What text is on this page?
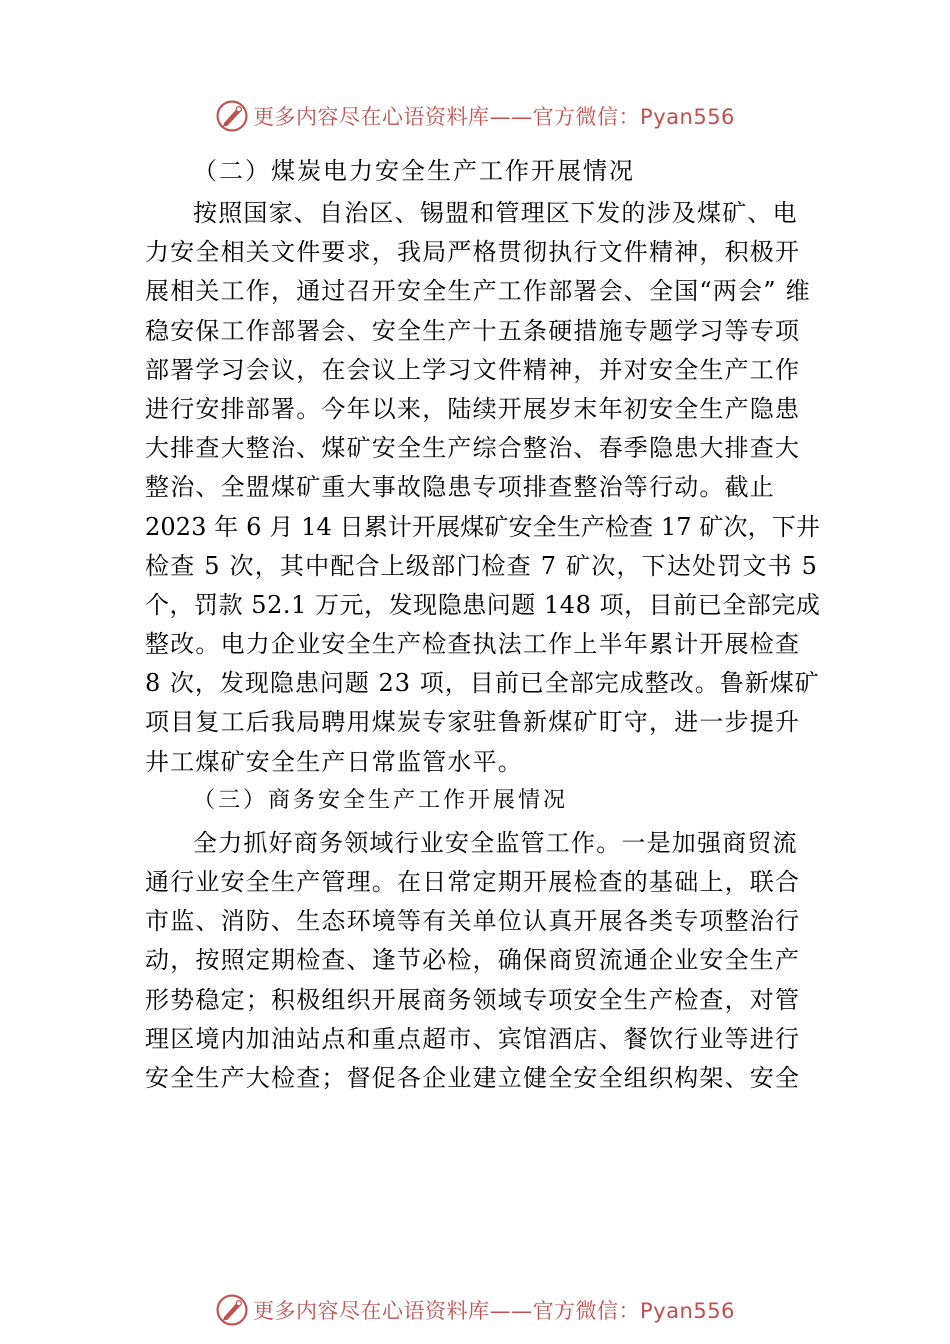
更多内容尽在心语资料库——官方微信：Pyan556

（二）煤炭电力安全生产工作开展情况

按照国家、自治区、锡盟和管理区下发的涉及煤矿、电
力安全相关文件要求，我局严格贯彻执行文件精神，积极开
展相关工作，通过召开安全生产工作部署会、全国“两会” 维
稳安保工作部署会、安全生产十五条硬措施专题学习等专项
部署学习会议，在会议上学习文件精神，并对安全生产工作
进行安排部署。今年以来，陆续开展岁末年初安全生产隐患
大排查大整治、煤矿安全生产综合整治、春季隐患大排查大
整治、全盟煤矿重大事故隐患专项排查整治等行动。截止
2023 年 6 月 14 日累计开展煤矿安全生产检查 17 矿次，下井
检查 5 次，其中配合上级部门检查 7 矿次，下达处罚文书 5
个，罚款 52.1 万元，发现隐患问题 148 项，目前已全部完成
整改。电力企业安全生产检查执法工作上半年累计开展检查
8 次，发现隐患问题 23 项，目前已全部完成整改。鲁新煤矿
项目复工后我局聘用煤炭专家驻鲁新煤矿盯守，进一步提升
井工煤矿安全生产日常监管水平。

（三）商务安全生产工作开展情况

全力抓好商务领域行业安全监管工作。一是加强商贸流
通行业安全生产管理。在日常定期开展检查的基础上，联合
市监、消防、生态环境等有关单位认真开展各类专项整治行
动，按照定期检查、逢节必检，确保商贸流通企业安全生产
形势稳定；积极组织开展商务领域专项安全生产检查，对管
理区境内加油站点和重点超市、宾馆酒店、餐饮行业等进行
安全生产大检查；督促各企业建立健全安全组织构架、安全
更多内容尽在心语资料库——官方微信：Pyan556
